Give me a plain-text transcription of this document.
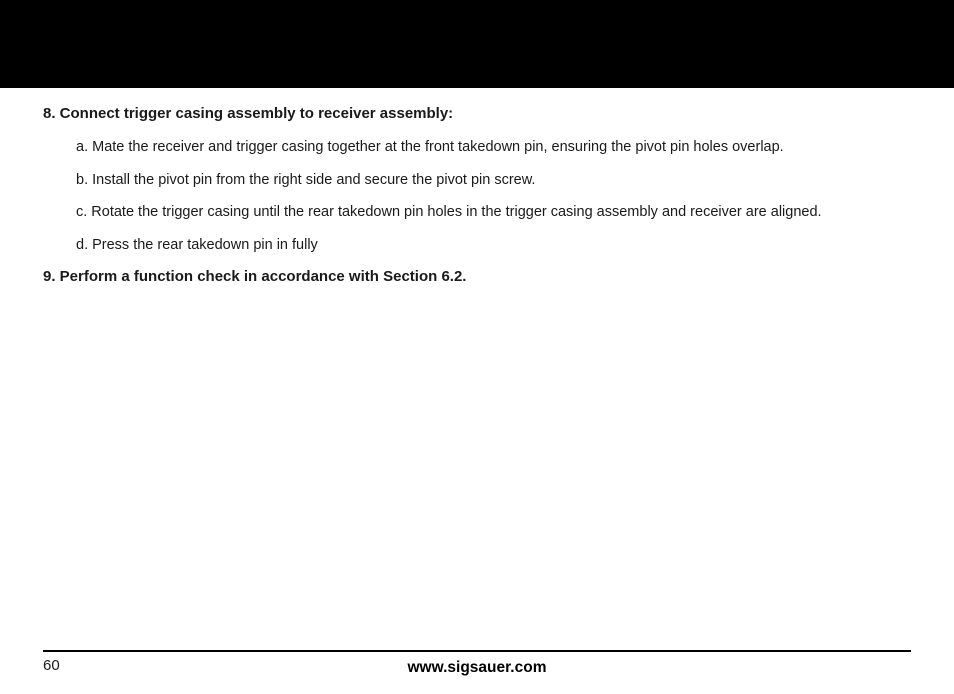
8. Connect trigger casing assembly to receiver assembly:

a. Mate the receiver and trigger casing together at the front takedown pin, ensuring the pivot pin holes overlap.

b. Install the pivot pin from the right side and secure the pivot pin screw.

c. Rotate the trigger casing until the rear takedown pin holes in the trigger casing assembly and receiver are aligned.

d. Press the rear takedown pin in fully

9. Perform a function check in accordance with Section 6.2.

60	www.sigsauer.com
